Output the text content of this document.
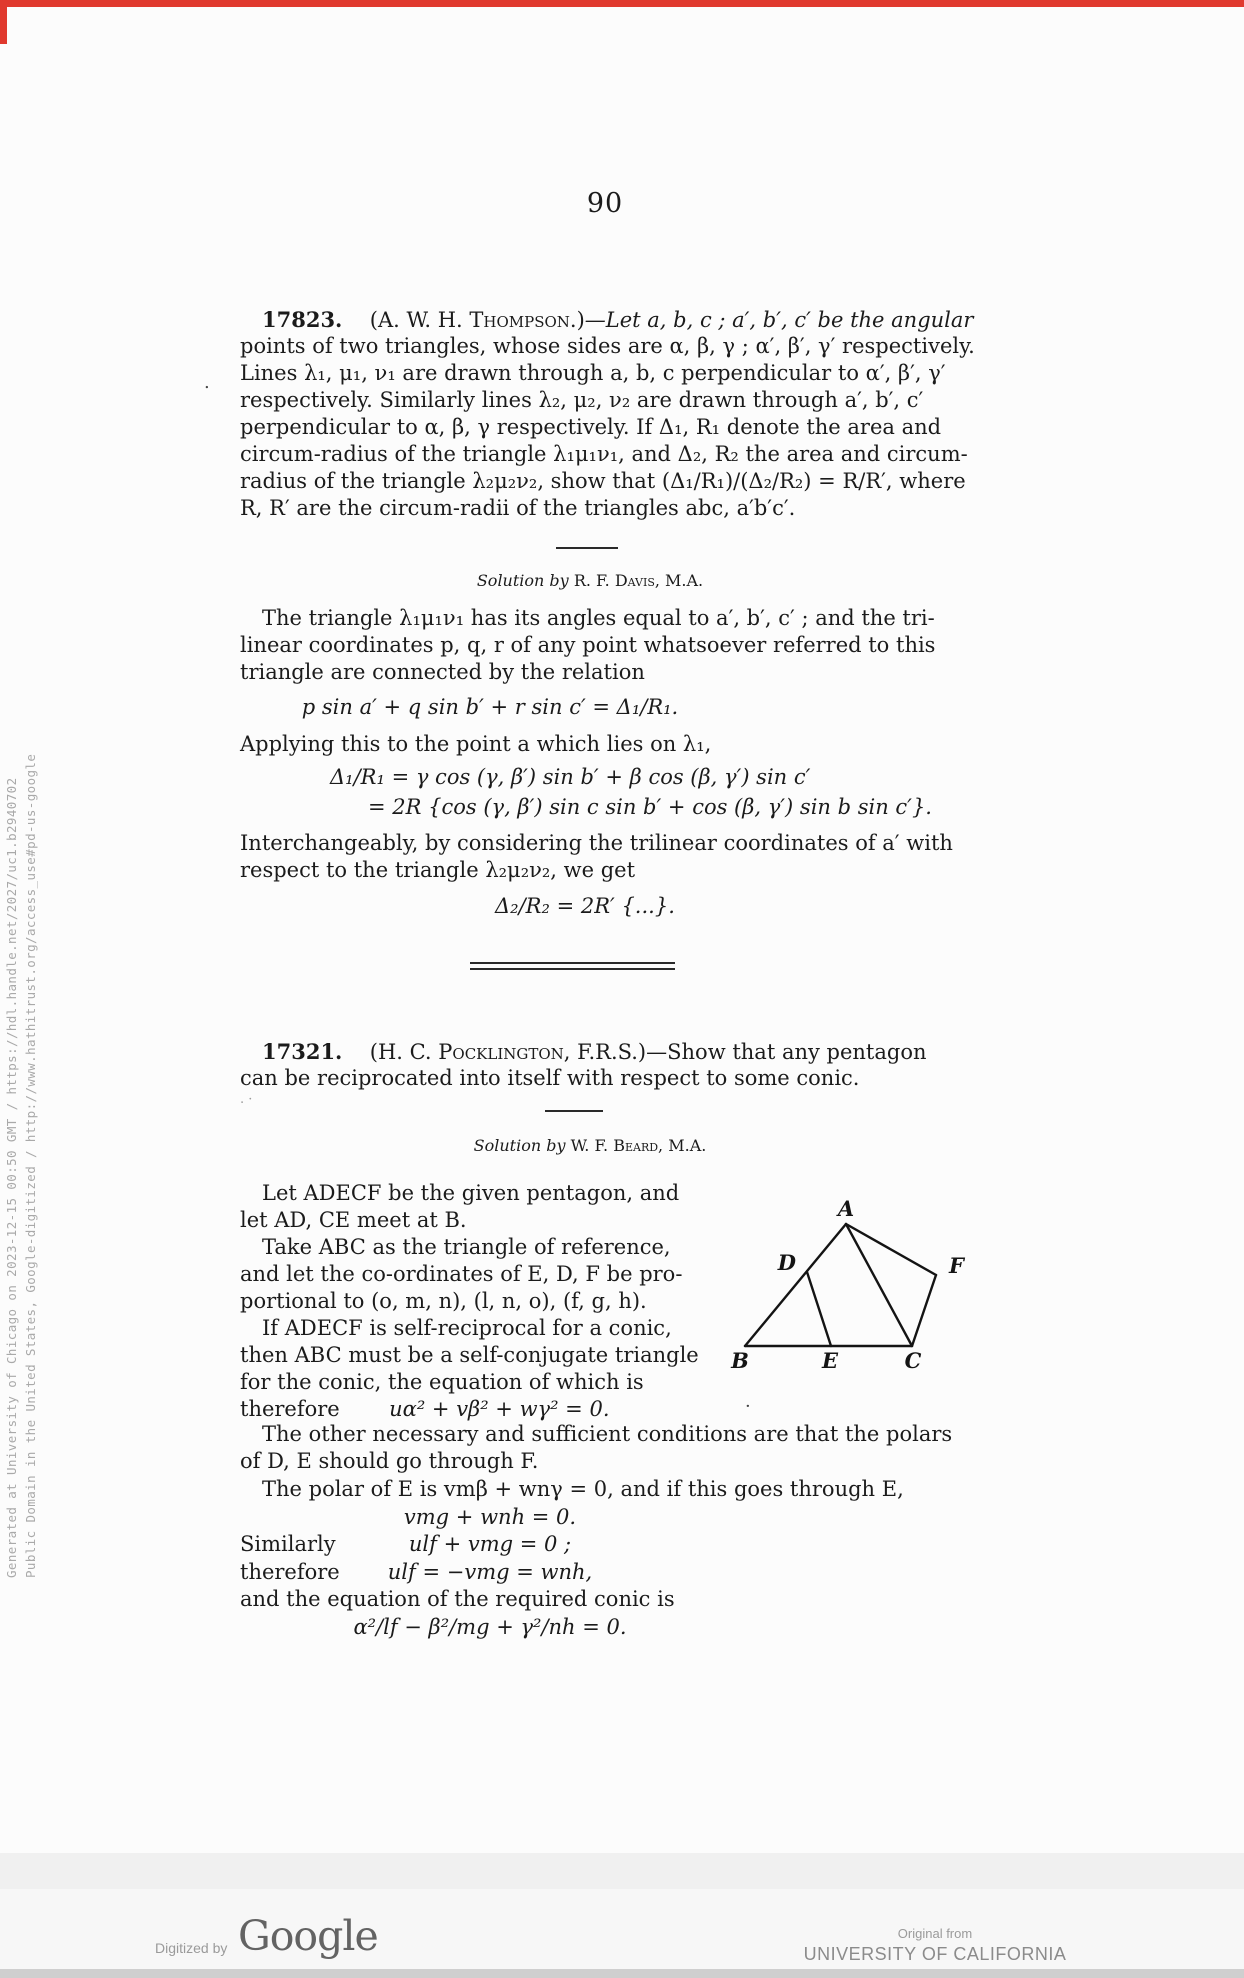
Generated at University of Chicago on 2023-12-15 00:50 GMT / https://hdl.handle.net/2027/uc1.b2940702 Public Domain in the United States, Google-digitized / http://www.hathitrust.org/access_use#pd-us-google
90
17823. (A. W. H. Thompson.)—Let a, b, c ; a′, b′, c′ be the angular
points of two triangles, whose sides are α, β, γ ; α′, β′, γ′ respectively.
Lines λ₁, μ₁, ν₁ are drawn through a, b, c perpendicular to α′, β′, γ′
respectively. Similarly lines λ₂, μ₂, ν₂ are drawn through a′, b′, c′
perpendicular to α, β, γ respectively. If Δ₁, R₁ denote the area and
circum-radius of the triangle λ₁μ₁ν₁, and Δ₂, R₂ the area and circum-
radius of the triangle λ₂μ₂ν₂, show that (Δ₁/R₁)/(Δ₂/R₂) = R/R′, where
R, R′ are the circum-radii of the triangles abc, a′b′c′.
.
Solution by R. F. Davis, M.A.
The triangle λ₁μ₁ν₁ has its angles equal to a′, b′, c′ ; and the tri-
linear coordinates p, q, r of any point whatsoever referred to this
triangle are connected by the relation
p sin a′ + q sin b′ + r sin c′ = Δ₁/R₁.
Applying this to the point a which lies on λ₁,
Δ₁/R₁ = γ cos (γ, β′) sin b′ + β cos (β, γ′) sin c′
= 2R {cos (γ, β′) sin c sin b′ + cos (β, γ′) sin b sin c′}.
Interchangeably, by considering the trilinear coordinates of a′ with
respect to the triangle λ₂μ₂ν₂, we get
Δ₂/R₂ = 2R′ {...}.
17321. (H. C. Pocklington, F.R.S.)—Show that any pentagon
can be reciprocated into itself with respect to some conic.
. ·
Solution by W. F. Beard, M.A.
Let ADECF be the given pentagon, and
let AD, CE meet at B.
Take ABC as the triangle of reference,
and let the co-ordinates of E, D, F be pro-
portional to (o, m, n), (l, n, o), (f, g, h).
If ADECF is self-reciprocal for a conic,
then ABC must be a self-conjugate triangle
for the conic, the equation of which is
therefore uα² + vβ² + wγ² = 0.	·
A
D
B	E	C
F
The other necessary and sufficient conditions are that the polars
of D, E should go through F.
The polar of E is vmβ + wnγ = 0, and if this goes through E,
vmg + wnh = 0.
Similarly	ulf + vmg = 0 ;
therefore	ulf = −vmg = wnh,
and the equation of the required conic is
α²/lf − β²/mg + γ²/nh = 0.
Digitized by Google	Original from
UNIVERSITY OF CALIFORNIA
